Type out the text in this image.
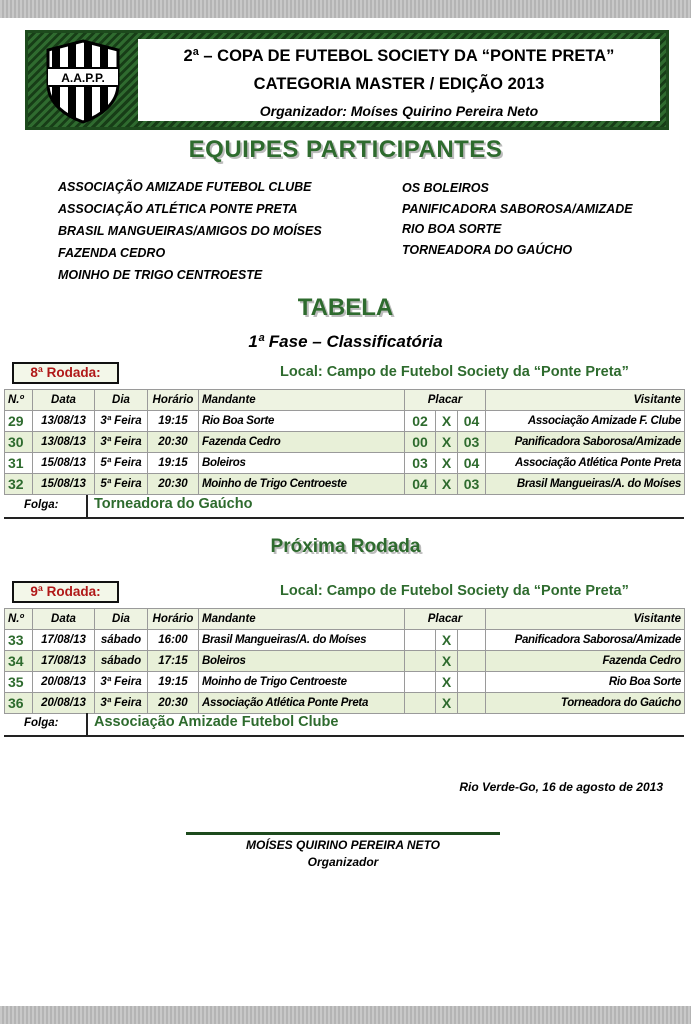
A.A.P.P.
2ª – COPA DE FUTEBOL SOCIETY DA “PONTE PRETA”
CATEGORIA MASTER / EDIÇÃO 2013
Organizador: Moíses Quirino Pereira Neto
EQUIPES PARTICIPANTES
ASSOCIAÇÃO AMIZADE FUTEBOL CLUBE
ASSOCIAÇÃO ATLÉTICA PONTE PRETA
BRASIL MANGUEIRAS/AMIGOS DO MOÍSES
FAZENDA CEDRO
MOINHO DE TRIGO CENTROESTE
OS BOLEIROS
PANIFICADORA SABOROSA/AMIZADE
RIO BOA SORTE
TORNEADORA DO GAÚCHO
TABELA
1ª Fase – Classificatória
8ª Rodada:	Local: Campo de Futebol Society da “Ponte Preta”
N.º	Data	Dia	Horário	Mandante	Placar			Visitante
29	13/08/13	3ª Feira	19:15	Rio Boa Sorte	02	X	04	Associação Amizade F. Clube
30	13/08/13	3ª Feira	20:30	Fazenda Cedro	00	X	03	Panificadora Saborosa/Amizade
31	15/08/13	5ª Feira	19:15	Boleiros	03	X	04	Associação Atlética Ponte Preta
32	15/08/13	5ª Feira	20:30	Moinho de Trigo Centroeste	04	X	03	Brasil Mangueiras/A. do Moíses
Folga: Torneadora do Gaúcho
Próxima Rodada
9ª Rodada:	Local: Campo de Futebol Society da “Ponte Preta”
N.º	Data	Dia	Horário	Mandante	Placar			Visitante
33	17/08/13	sábado	16:00	Brasil Mangueiras/A. do Moíses		X		Panificadora Saborosa/Amizade
34	17/08/13	sábado	17:15	Boleiros		X		Fazenda Cedro
35	20/08/13	3ª Feira	19:15	Moinho de Trigo Centroeste		X		Rio Boa Sorte
36	20/08/13	3ª Feira	20:30	Associação Atlética Ponte Preta		X		Torneadora do Gaúcho
Folga: Associação Amizade Futebol Clube
Rio Verde-Go, 16 de agosto de 2013
MOÍSES QUIRINO PEREIRA NETO
Organizador
